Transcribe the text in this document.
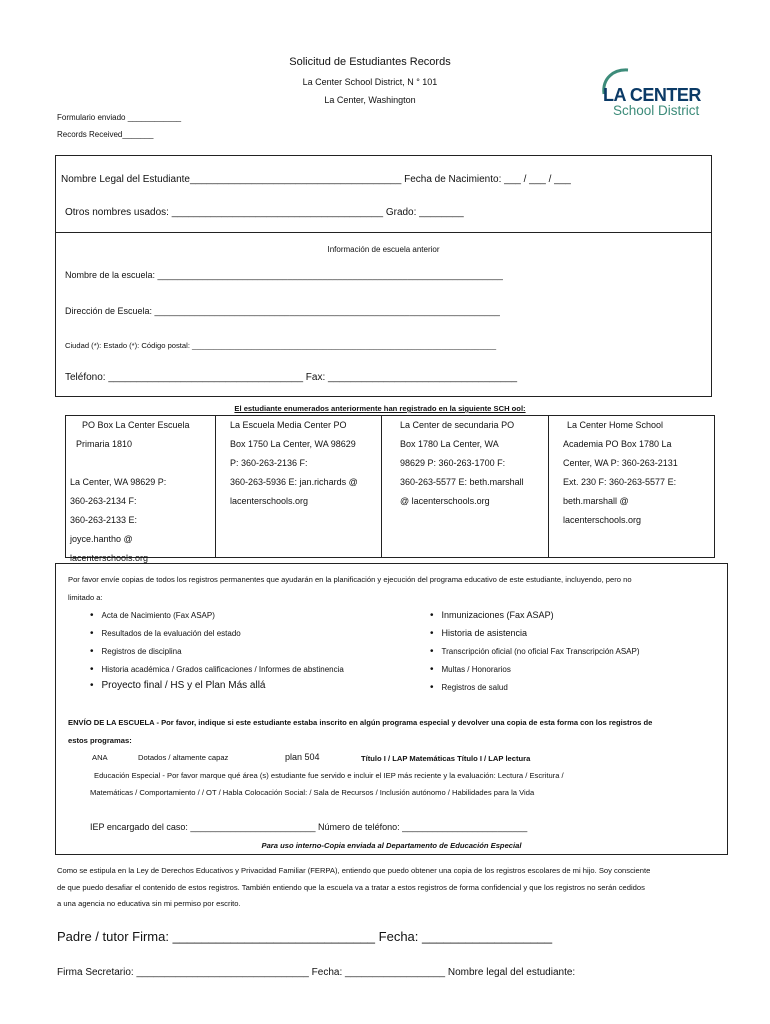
Solicitud de Estudiantes Records
La Center School District, N ° 101
La Center, Washington
Formulario enviado ____________
Records Received_______
LA CENTER
School District
Nombre Legal del Estudiante______________________________________ Fecha de Nacimiento: ___ / ___ / ___
Otros nombres usados: ______________________________________ Grado: ________
Información de escuela anterior
Nombre de la escuela: _____________________________________________________________________
Dirección de Escuela: _____________________________________________________________________
Ciudad (*): Estado (*): Código postal: ________________________________________________________________________
Teléfono: ___________________________________ Fax: __________________________________
El estudiante enumerados anteriormente han registrado en la siguiente SCH ool:
PO Box La Center Escuela
Primaria 1810
La Center, WA 98629 P:
360-263-2134 F:
360-263-2133 E:
joyce.hantho @
lacenterschools.org
La Escuela Media Center PO
Box 1750 La Center, WA 98629
P: 360-263-2136 F:
360-263-5936 E: jan.richards @
lacenterschools.org
La Center de secundaria PO
Box 1780 La Center, WA
98629 P: 360-263-1700 F:
360-263-5577 E: beth.marshall
@ lacenterschools.org
La Center Home School
Academia PO Box 1780 La
Center, WA P: 360-263-2131
Ext. 230 F: 360-263-5577 E:
beth.marshall @
lacenterschools.org
Por favor envíe copias de todos los registros permanentes que ayudarán en la planificación y ejecución del programa educativo de este estudiante, incluyendo, pero no
limitado a:
• Acta de Nacimiento (Fax ASAP)
• Resultados de la evaluación del estado
• Registros de disciplina
• Historia académica / Grados calificaciones / Informes de abstinencia
• Proyecto final / HS y el Plan Más allá
• Inmunizaciones (Fax ASAP)
• Historia de asistencia
• Transcripción oficial (no oficial Fax Transcripción ASAP)
• Multas / Honorarios
• Registros de salud
ENVÍO DE LA ESCUELA - Por favor, indique si este estudiante estaba inscrito en algún programa especial y devolver una copia de esta forma con los registros de
estos programas:
ANA	Dotados / altamente capaz	plan 504	Título I / LAP Matemáticas Título I / LAP lectura
Educación Especial - Por favor marque qué área (s) estudiante fue servido e incluir el IEP más reciente y la evaluación: Lectura / Escritura /
Matemáticas / Comportamiento / / OT / Habla Colocación Social: / Sala de Recursos / Inclusión autónomo / Habilidades para la Vida
IEP encargado del caso: _________________________ Número de teléfono: _________________________
Para uso interno-Copia enviada al Departamento de Educación Especial
Como se estipula en la Ley de Derechos Educativos y Privacidad Familiar (FERPA), entiendo que puedo obtener una copia de los registros escolares de mi hijo. Soy consciente
de que puedo desafiar el contenido de estos registros. También entiendo que la escuela va a tratar a estos registros de forma confidencial y que los registros no serán cedidos
a una agencia no educativa sin mi permiso por escrito.
Padre / tutor Firma: ____________________________ Fecha: __________________
Firma Secretario: _______________________________ Fecha: __________________ Nombre legal del estudiante:
